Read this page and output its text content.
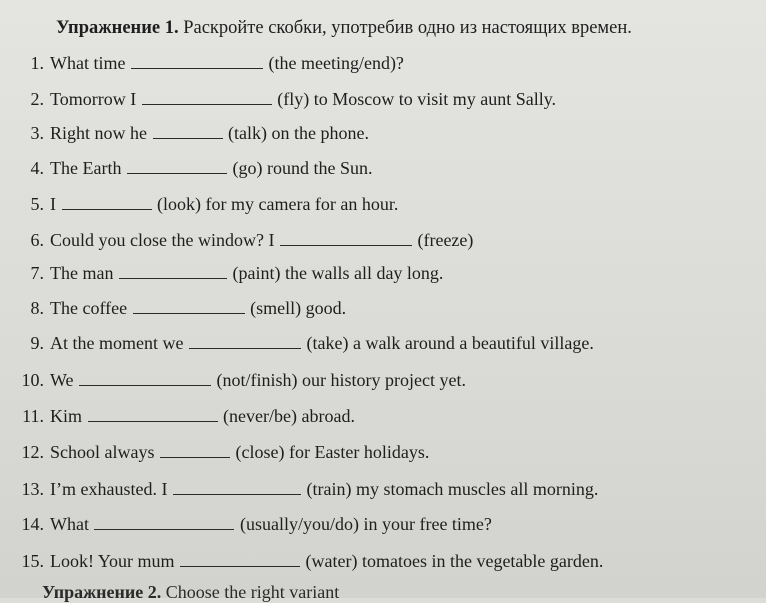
Упражнение 1. Раскройте скобки, употребив одно из настоящих времен.
1. What time	(the meeting/end)?
2. Tomorrow I	(fly) to Moscow to visit my aunt Sally.
3. Right now he	(talk) on the phone.
4. The Earth	(go) round the Sun.
5. I	(look) for my camera for an hour.
6. Could you close the window? I	(freeze)
7. The man	(paint) the walls all day long.
8. The coffee	(smell) good.
9. At the moment we	(take) a walk around a beautiful village.
10. We	(not/finish) our history project yet.
11. Kim	(never/be) abroad.
12. School always	(close) for Easter holidays.
13. I’m exhausted. I	(train) my stomach muscles all morning.
14. What	(usually/you/do) in your free time?
15. Look! Your mum	(water) tomatoes in the vegetable garden.
Упражнение 2. Choose the right variant
